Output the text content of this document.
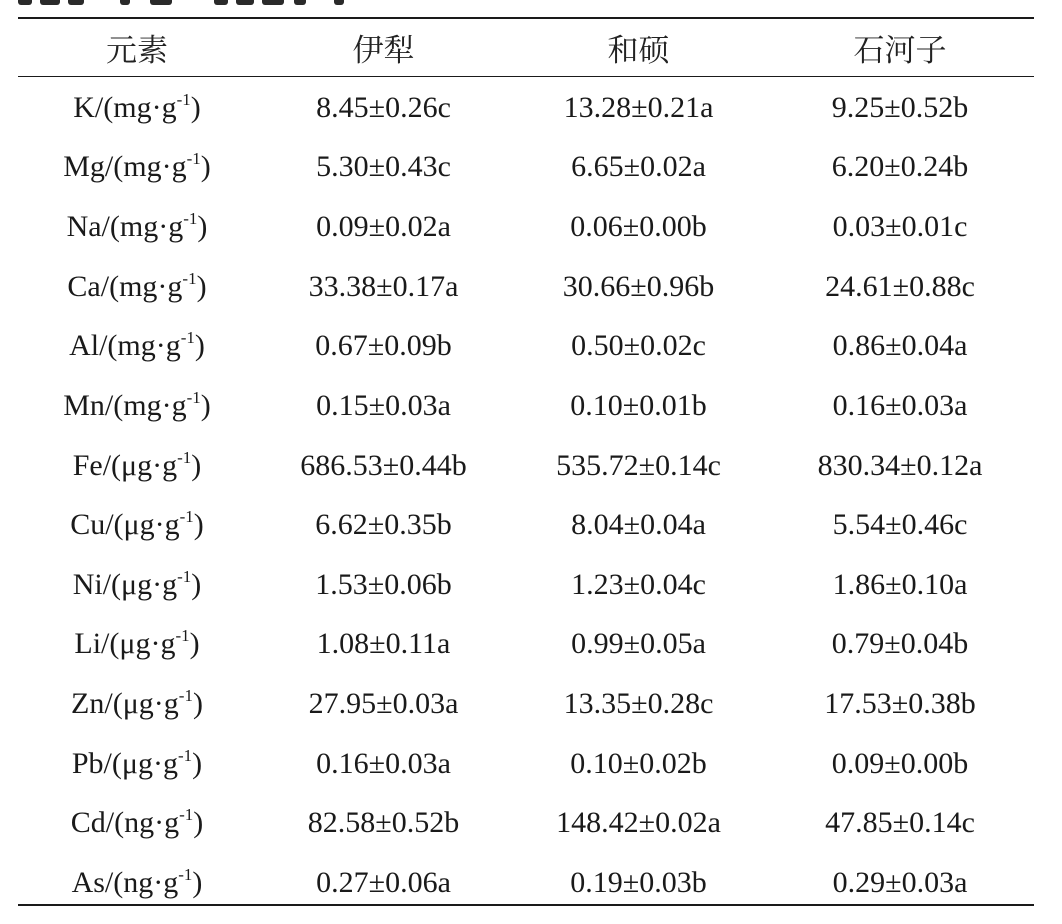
元素	伊犁	和硕	石河子
$K/(mg\cdot g^{-1})$	8.45±0.26c	13.28±0.21a	9.25±0.52b
$Mg/(mg\cdot g^{-1})$	5.30±0.43c	6.65±0.02a	6.20±0.24b
$Na/(mg\cdot g^{-1})$	0.09±0.02a	0.06±0.00b	0.03±0.01c
$Ca/(mg\cdot g^{-1})$	33.38±0.17a	30.66±0.96b	24.61±0.88c
$Al/(mg\cdot g^{-1})$	0.67±0.09b	0.50±0.02c	0.86±0.04a
$Mn/(mg\cdot g^{-1})$	0.15±0.03a	0.10±0.01b	0.16±0.03a
$Fe/(\mu g\cdot g^{-1})$	686.53±0.44b	535.72±0.14c	830.34±0.12a
$Cu/(\mu g\cdot g^{-1})$	6.62±0.35b	8.04±0.04a	5.54±0.46c
$Ni/(\mu g\cdot g^{-1})$	1.53±0.06b	1.23±0.04c	1.86±0.10a
$Li/(\mu g\cdot g^{-1})$	1.08±0.11a	0.99±0.05a	0.79±0.04b
$Zn/(\mu g\cdot g^{-1})$	27.95±0.03a	13.35±0.28c	17.53±0.38b
$Pb/(\mu g\cdot g^{-1})$	0.16±0.03a	0.10±0.02b	0.09±0.00b
$Cd/(ng\cdot g^{-1})$	82.58±0.52b	148.42±0.02a	47.85±0.14c
$As/(ng\cdot g^{-1})$	0.27±0.06a	0.19±0.03b	0.29±0.03a
